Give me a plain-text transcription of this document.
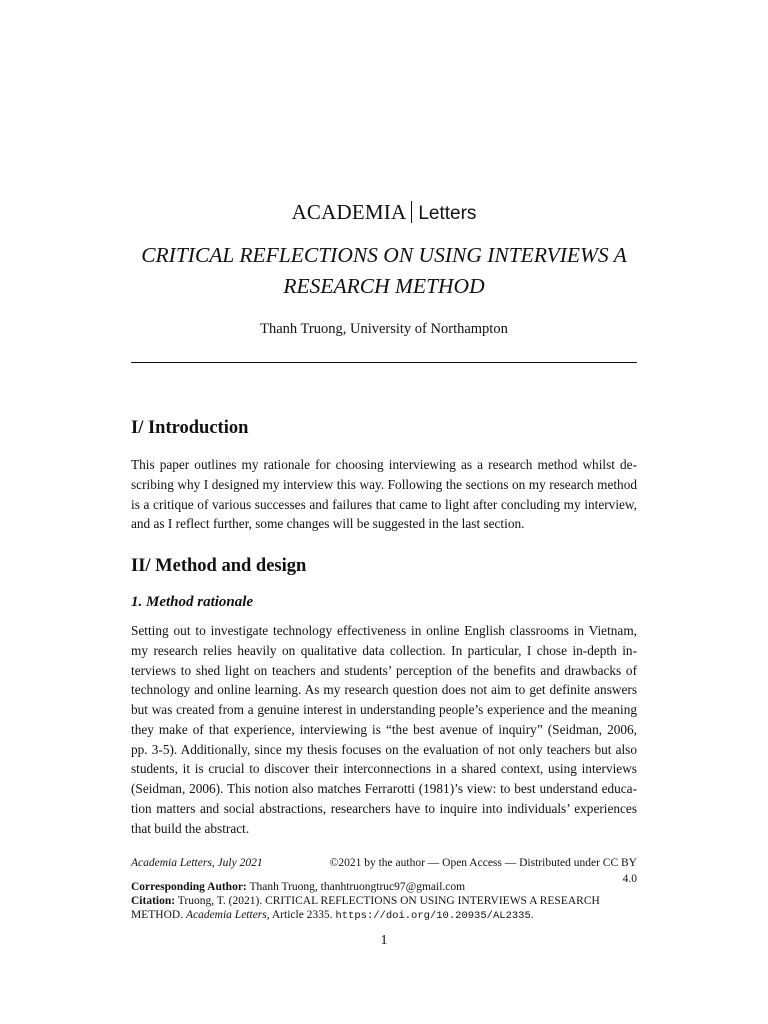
ACADEMIA Letters
CRITICAL REFLECTIONS ON USING INTERVIEWS A
RESEARCH METHOD
Thanh Truong, University of Northampton
I/ Introduction
This paper outlines my rationale for choosing interviewing as a research method whilst de-
scribing why I designed my interview this way. Following the sections on my research method
is a critique of various successes and failures that came to light after concluding my interview,
and as I reflect further, some changes will be suggested in the last section.
II/ Method and design
1. Method rationale
Setting out to investigate technology effectiveness in online English classrooms in Vietnam,
my research relies heavily on qualitative data collection. In particular, I chose in-depth in-
terviews to shed light on teachers and students’ perception of the benefits and drawbacks of
technology and online learning. As my research question does not aim to get definite answers
but was created from a genuine interest in understanding people’s experience and the meaning
they make of that experience, interviewing is “the best avenue of inquiry” (Seidman, 2006,
pp. 3-5). Additionally, since my thesis focuses on the evaluation of not only teachers but also
students, it is crucial to discover their interconnections in a shared context, using interviews
(Seidman, 2006). This notion also matches Ferrarotti (1981)’s view: to best understand educa-
tion matters and social abstractions, researchers have to inquire into individuals’ experiences
that build the abstract.
Academia Letters, July 2021	©2021 by the author — Open Access — Distributed under CC BY 4.0
Corresponding Author: Thanh Truong, thanhtruongtruc97@gmail.com
Citation: Truong, T. (2021). CRITICAL REFLECTIONS ON USING INTERVIEWS A RESEARCH
METHOD. Academia Letters, Article 2335. https://doi.org/10.20935/AL2335.
1
